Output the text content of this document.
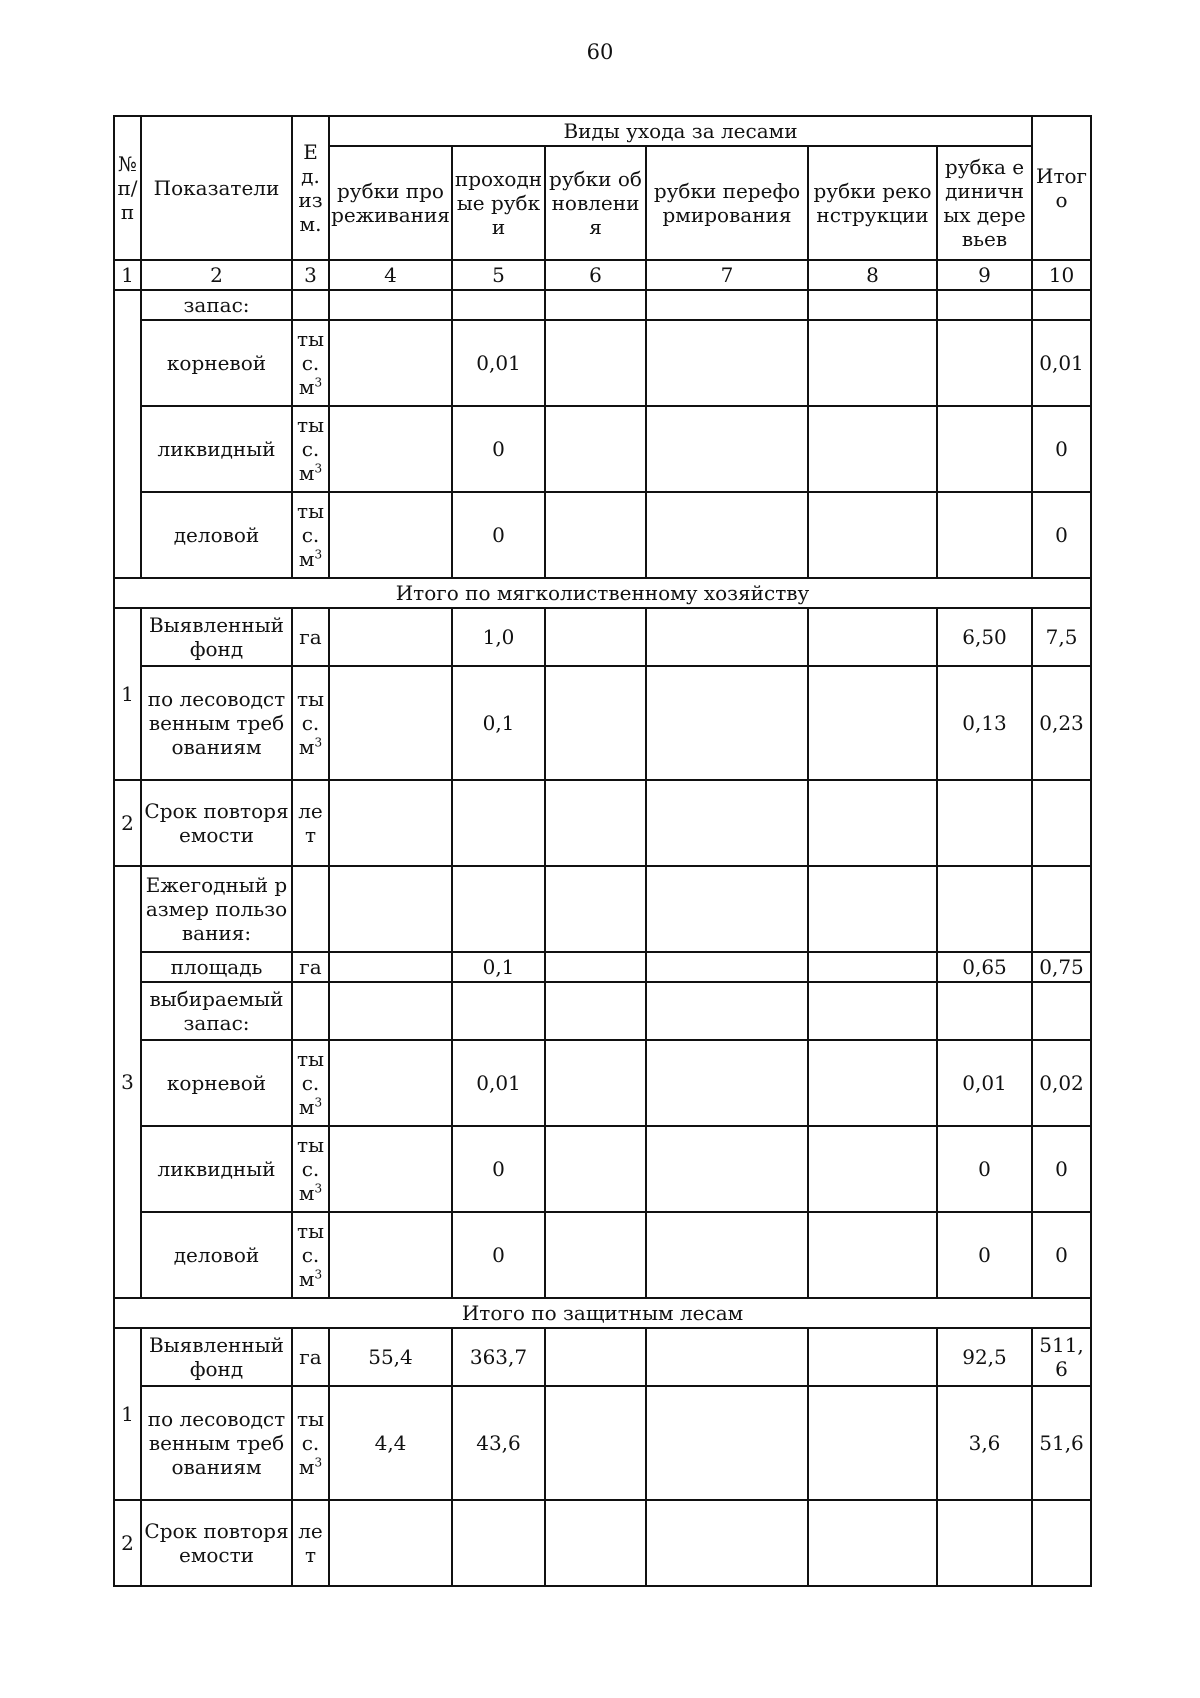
60
№ п/п	Показатели	Ед. изм.	Виды ухода за лесами						Итого
			рубки прореживания	проходные рубки	рубки обновления	рубки переформирования	рубки реконструкции	рубка единичных деревьев	
1	2	3	4	5	6	7	8	9	10
	запас:								
	корневой	тыс. $м^3$		0,01					0,01
	ликвидный	тыс. $м^3$		0					0
	деловой	тыс. $м^3$		0					0
Итого по мягколиственному хозяйству									
1	Выявленный фонд	га		1,0				6,50	7,5
	по лесоводственным требованиям	тыс. $м^3$		0,1				0,13	0,23
2	Срок повторяемости	лет							
3	Ежегодный размер пользования:								
	площадь	га		0,1				0,65	0,75
	выбираемый запас:								
	корневой	тыс. $м^3$		0,01				0,01	0,02
	ликвидный	тыс. $м^3$		0				0	0
	деловой	тыс. $м^3$		0				0	0
Итого по защитным лесам									
1	Выявленный фонд	га	55,4	363,7				92,5	511,6
	по лесоводственным требованиям	тыс. $м^3$	4,4	43,6				3,6	51,6
2	Срок повторяемости	лет							
